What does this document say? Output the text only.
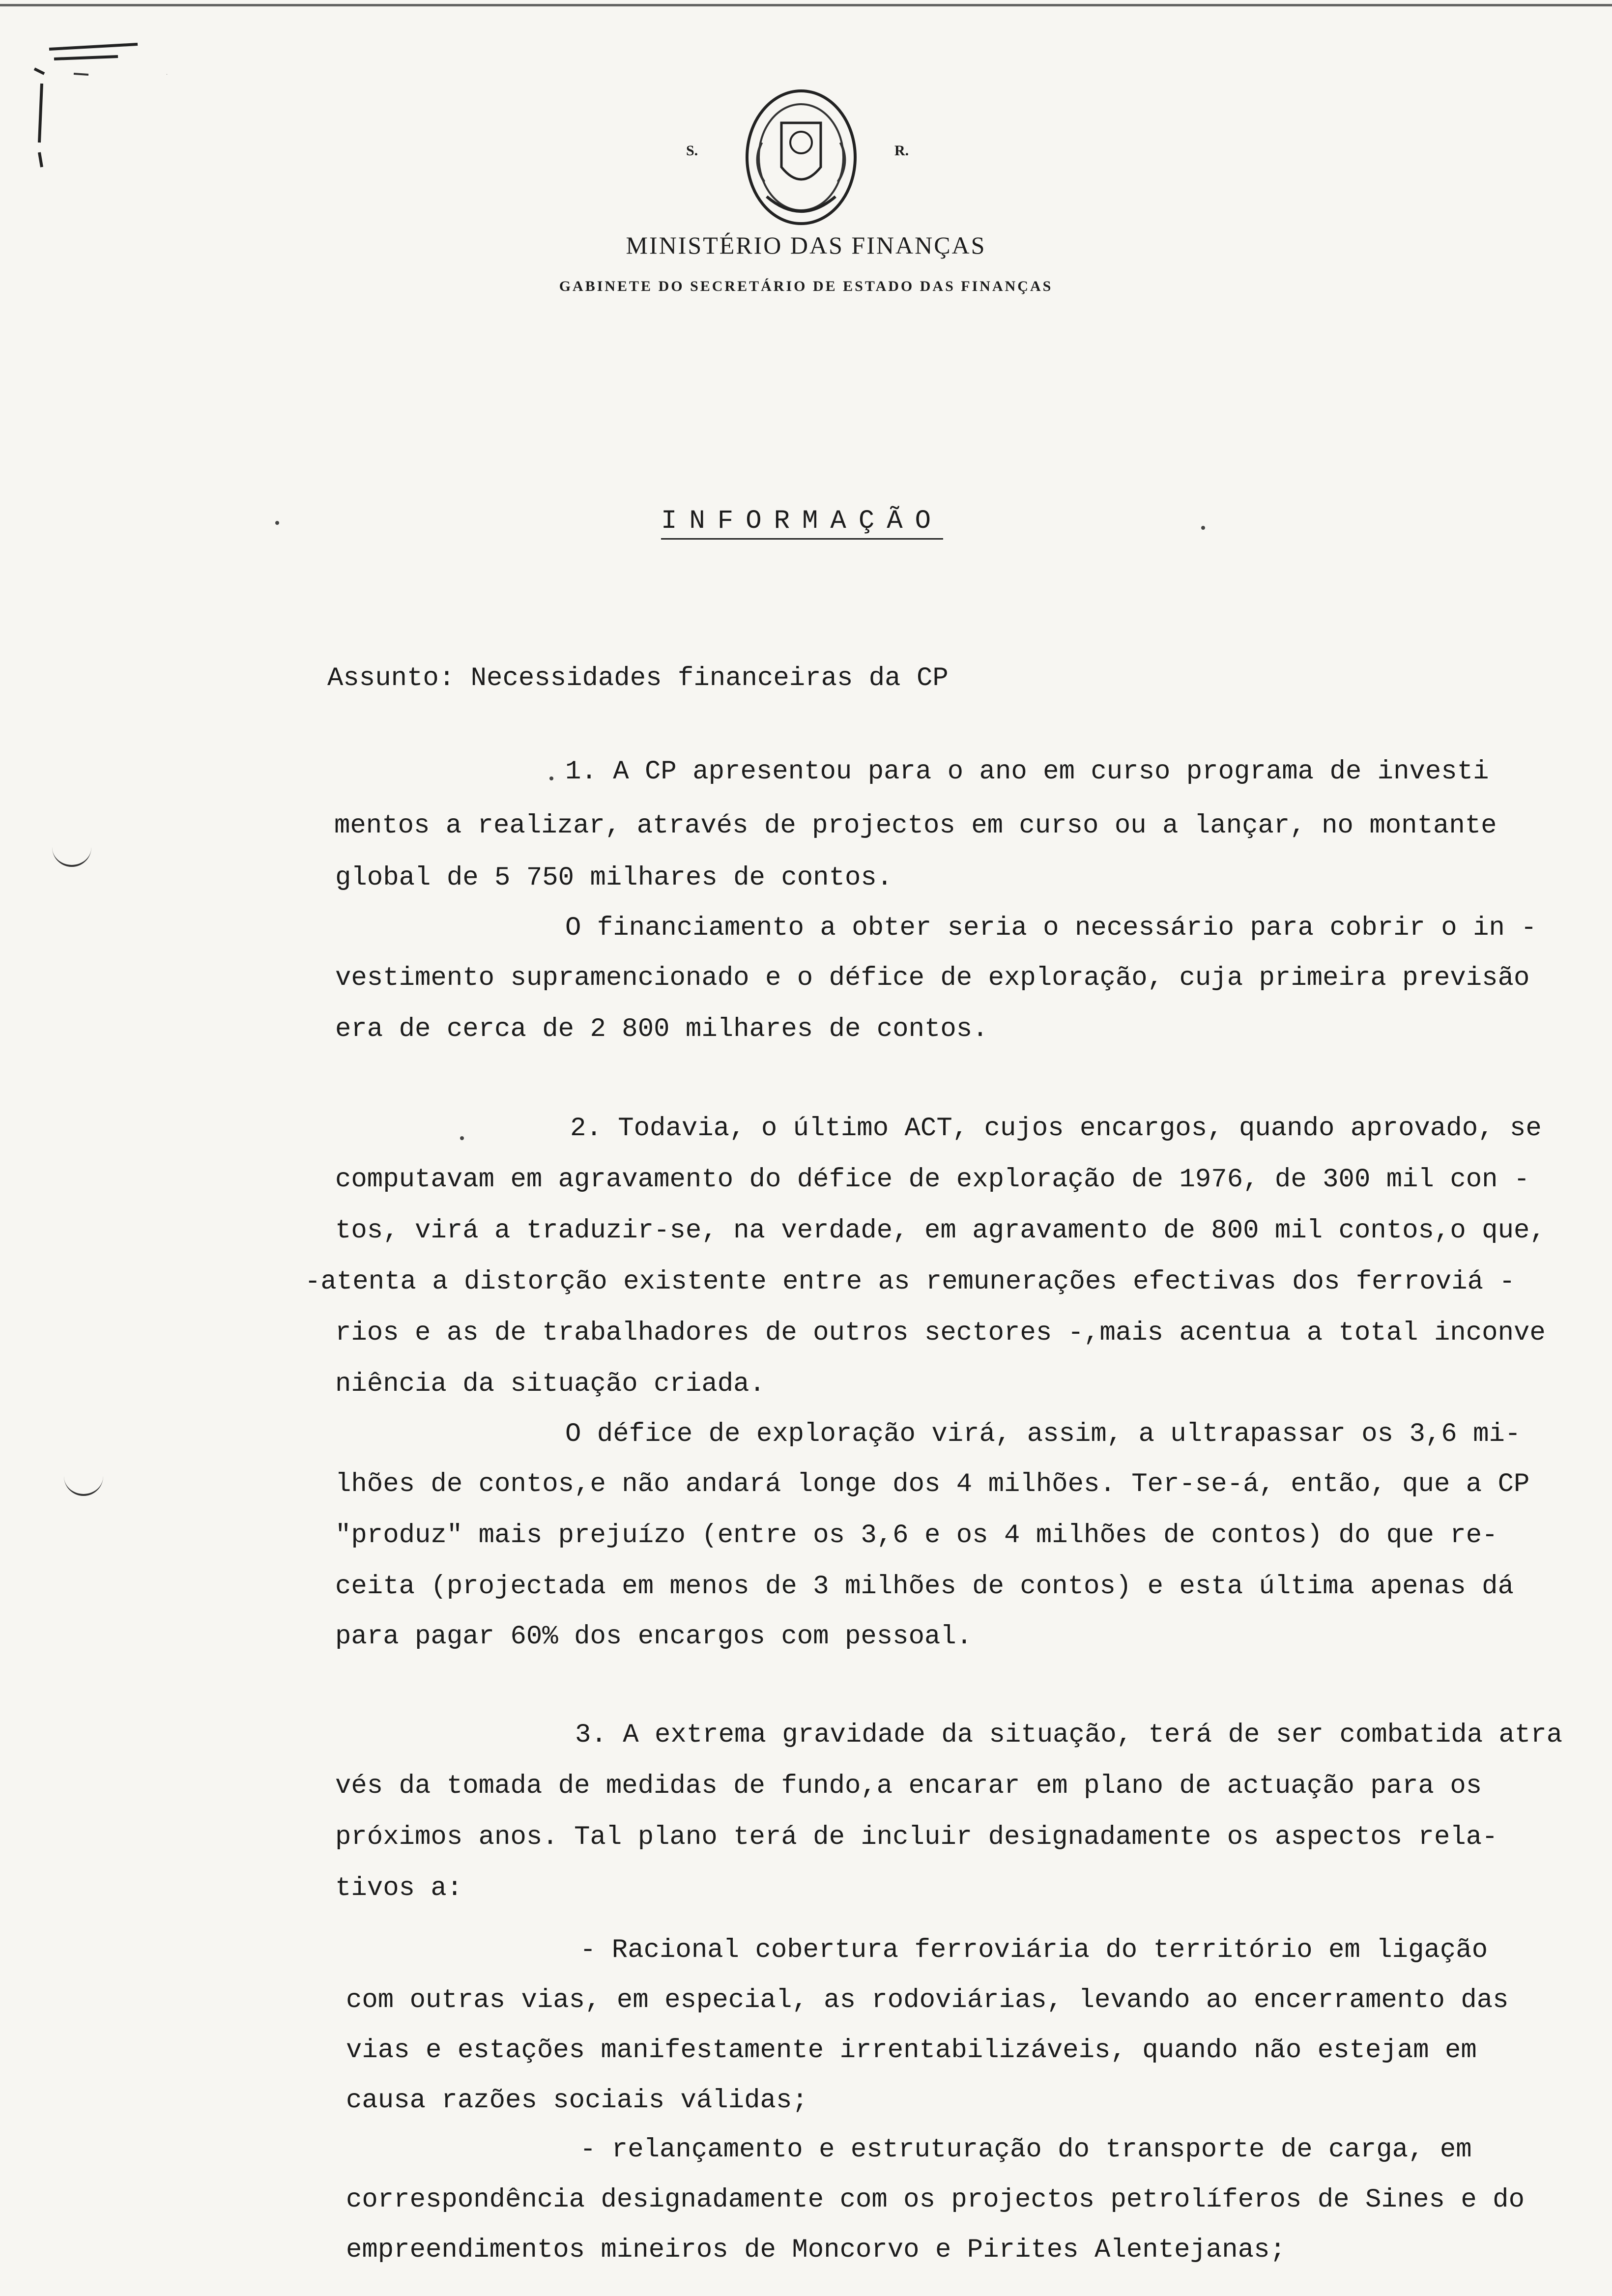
S.	R.
MINISTÉRIO DAS FINANÇAS
GABINETE DO SECRETÁRIO DE ESTADO DAS FINANÇAS
INFORMAÇÃO
Assunto: Necessidades financeiras da CP
1. A CP apresentou para o ano em curso programa de investi
mentos a realizar, através de projectos em curso ou a lançar, no montante
global de 5 750 milhares de contos.
O financiamento a obter seria o necessário para cobrir o in -
vestimento supramencionado e o défice de exploração, cuja primeira previsão
era de cerca de 2 800 milhares de contos.
2. Todavia, o último ACT, cujos encargos, quando aprovado, se
computavam em agravamento do défice de exploração de 1976, de 300 mil con -
tos, virá a traduzir-se, na verdade, em agravamento de 800 mil contos,o que,
-atenta a distorção existente entre as remunerações efectivas dos ferroviá -
rios e as de trabalhadores de outros sectores -,mais acentua a total inconve
niência da situação criada.
O défice de exploração virá, assim, a ultrapassar os 3,6 mi-
lhões de contos,e não andará longe dos 4 milhões. Ter-se-á, então, que a CP
"produz" mais prejuízo (entre os 3,6 e os 4 milhões de contos) do que re-
ceita (projectada em menos de 3 milhões de contos) e esta última apenas dá
para pagar 60% dos encargos com pessoal.
3. A extrema gravidade da situação, terá de ser combatida atra
vés da tomada de medidas de fundo,a encarar em plano de actuação para os
próximos anos. Tal plano terá de incluir designadamente os aspectos rela-
tivos a:
- Racional cobertura ferroviária do território em ligação
com outras vias, em especial, as rodoviárias, levando ao encerramento das
vias e estações manifestamente irrentabilizáveis, quando não estejam em
causa razões sociais válidas;
- relançamento e estruturação do transporte de carga, em
correspondência designadamente com os projectos petrolíferos de Sines e do
empreendimentos mineiros de Moncorvo e Pirites Alentejanas;
